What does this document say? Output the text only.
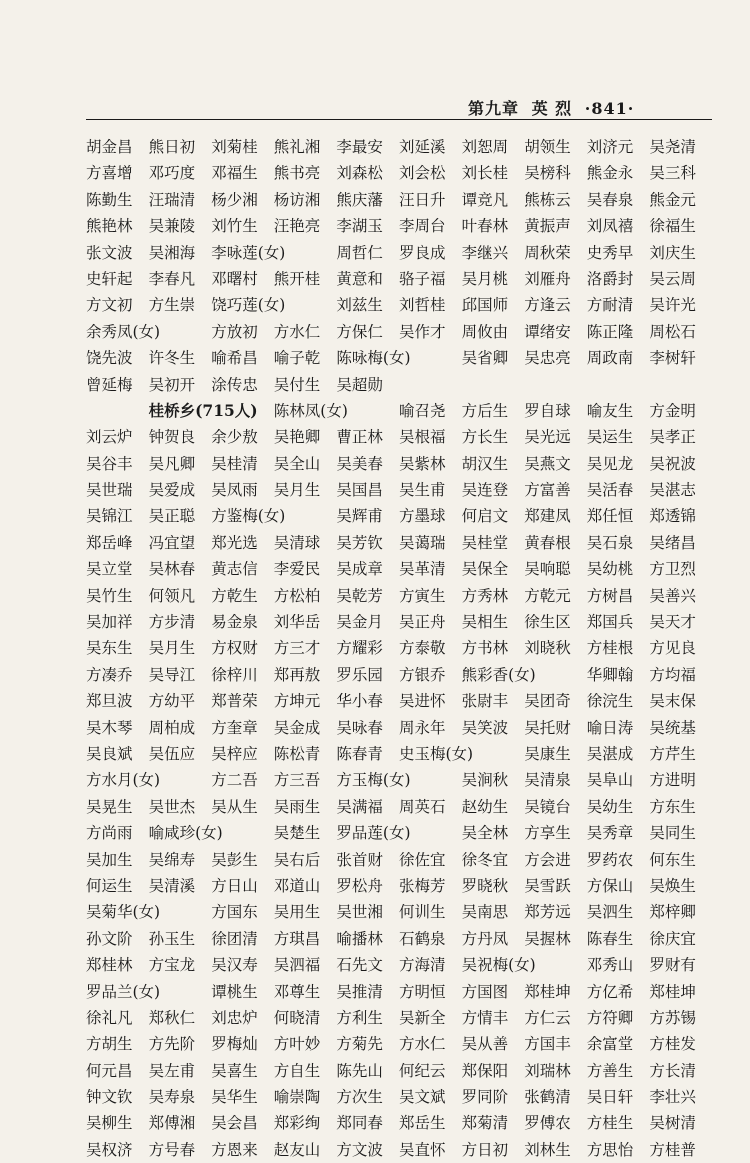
第九章 英 烈 ·841·
胡金昌	熊日初	刘菊桂	熊礼湘	李最安	刘延溪	刘恕周	胡领生	刘济元	吴尧清
方喜增	邓巧度	邓福生	熊书亮	刘森松	刘会松	刘长桂	吴榜科	熊金永	吴三科
陈勤生	汪瑞清	杨少湘	杨访湘	熊庆藩	汪日升	谭竞凡	熊栋云	吴春泉	熊金元
熊艳林	吴兼陵	刘竹生	汪艳亮	李湖玉	李周台	叶春林	黄振声	刘凤禧	徐福生
张文波	吴湘海	李咏莲(女)	周哲仁	罗良成	李继兴	周秋荣	史秀早	刘庆生
史轩起	李春凡	邓曙村	熊开桂	黄意和	骆子福	吴月桃	刘雁舟	洛爵封	吴云周
方文初	方生崇	饶巧莲(女)	刘兹生	刘哲桂	邱国师	方逢云	方耐清	吴许光
余秀凤(女)	方放初	方水仁	方保仁	吴作才	周攸由	谭绪安	陈正隆	周松石
饶先波	许冬生	喻希昌	喻子乾	陈咏梅(女)	吴省卿	吴忠亮	周政南	李树轩
曾延梅	吴初开	涂传忠	吴付生	吴超勋
桂桥乡(715人) 陈林凤(女)	喻召尧	方后生	罗自球	喻友生	方金明
刘云炉	钟贺良	余少敖	吴艳卿	曹正林	吴根福	方长生	吴光远	吴运生	吴孝正
吴谷丰	吴凡卿	吴桂清	吴全山	吴美春	吴紫林	胡汉生	吴燕文	吴见龙	吴祝波
吴世瑞	吴爱成	吴凤雨	吴月生	吴国昌	吴生甫	吴连登	方富善	吴活春	吴湛志
吴锦江	吴正聪	方鉴梅(女)	吴辉甫	方墨球	何启文	郑建凤	郑任恒	郑透锦
郑岳峰	冯宜望	郑光选	吴清球	吴芳钦	吴蔼瑞	吴桂堂	黄春根	吴石泉	吴绪昌
吴立堂	吴林春	黄志信	李爱民	吴成章	吴革清	吴保全	吴响聪	吴幼桃	方卫烈
吴竹生	何领凡	方乾生	方松柏	吴乾芳	方寅生	方秀林	方乾元	方树昌	吴善兴
吴加祥	方步清	易金泉	刘华岳	吴金月	吴正舟	吴相生	徐生区	郑国兵	吴天才
吴东生	吴月生	方权财	方三才	方耀彩	方泰敬	方书林	刘晓秋	方桂根	方见良
方凑乔	吴导江	徐梓川	郑再敖	罗乐园	方银乔	熊彩香(女)	华卿翰	方均福
郑旦波	方幼平	郑普荣	方坤元	华小春	吴进怀	张尉丰	吴团奇	徐浣生	吴末保
吴木琴	周柏成	方奎章	吴金成	吴咏春	周永年	吴笑波	吴托财	喻日涛	吴统基
吴良斌	吴伍应	吴梓应	陈松青	陈春青	史玉梅(女)	吴康生	吴湛成	方芹生
方水月(女)	方二吾	方三吾	方玉梅(女)	吴涧秋	吴清泉	吴阜山	方进明
吴晃生	吴世杰	吴从生	吴雨生	吴满福	周英石	赵幼生	吴镜台	吴幼生	方东生
方尚雨	喻咸珍(女)	吴楚生	罗品莲(女)	吴全林	方享生	吴秀章	吴同生
吴加生	吴绵寿	吴彭生	吴右后	张首财	徐佐宜	徐冬宜	方会进	罗药农	何东生
何运生	吴清溪	方日山	邓道山	罗松舟	张梅芳	罗晓秋	吴雪跃	方保山	吴焕生
吴菊华(女)	方国东	吴用生	吴世湘	何训生	吴南思	郑芳远	吴泗生	郑梓卿
孙文阶	孙玉生	徐团清	方琪昌	喻播林	石鹤泉	方丹凤	吴握林	陈春生	徐庆宜
郑桂林	方宝龙	吴汉寿	吴泗福	石先文	方海清	吴祝梅(女)	邓秀山	罗财有
罗品兰(女)	谭桃生	邓尊生	吴推清	方明恒	方国图	郑桂坤	方亿希	郑桂坤
徐礼凡	郑秋仁	刘忠炉	何晓清	方利生	吴新全	方情丰	方仁云	方符卿	方苏锡
方胡生	方先阶	罗梅灿	方叶妙	方菊先	方水仁	吴从善	方国丰	余富堂	方桂发
何元昌	吴左甫	吴喜生	方自生	陈先山	何纪云	郑保阳	刘瑞林	方善生	方长清
钟文钦	吴寿泉	吴华生	喻崇陶	方次生	吴文斌	罗同阶	张鹤清	吴日轩	李壮兴
吴柳生	郑傅湘	吴会昌	郑彩绚	郑同春	郑岳生	郑菊清	罗傅农	方桂生	吴树清
吴权济	方号春	方恩来	赵友山	方文波	吴直怀	方日初	刘林生	方思怡	方桂普
